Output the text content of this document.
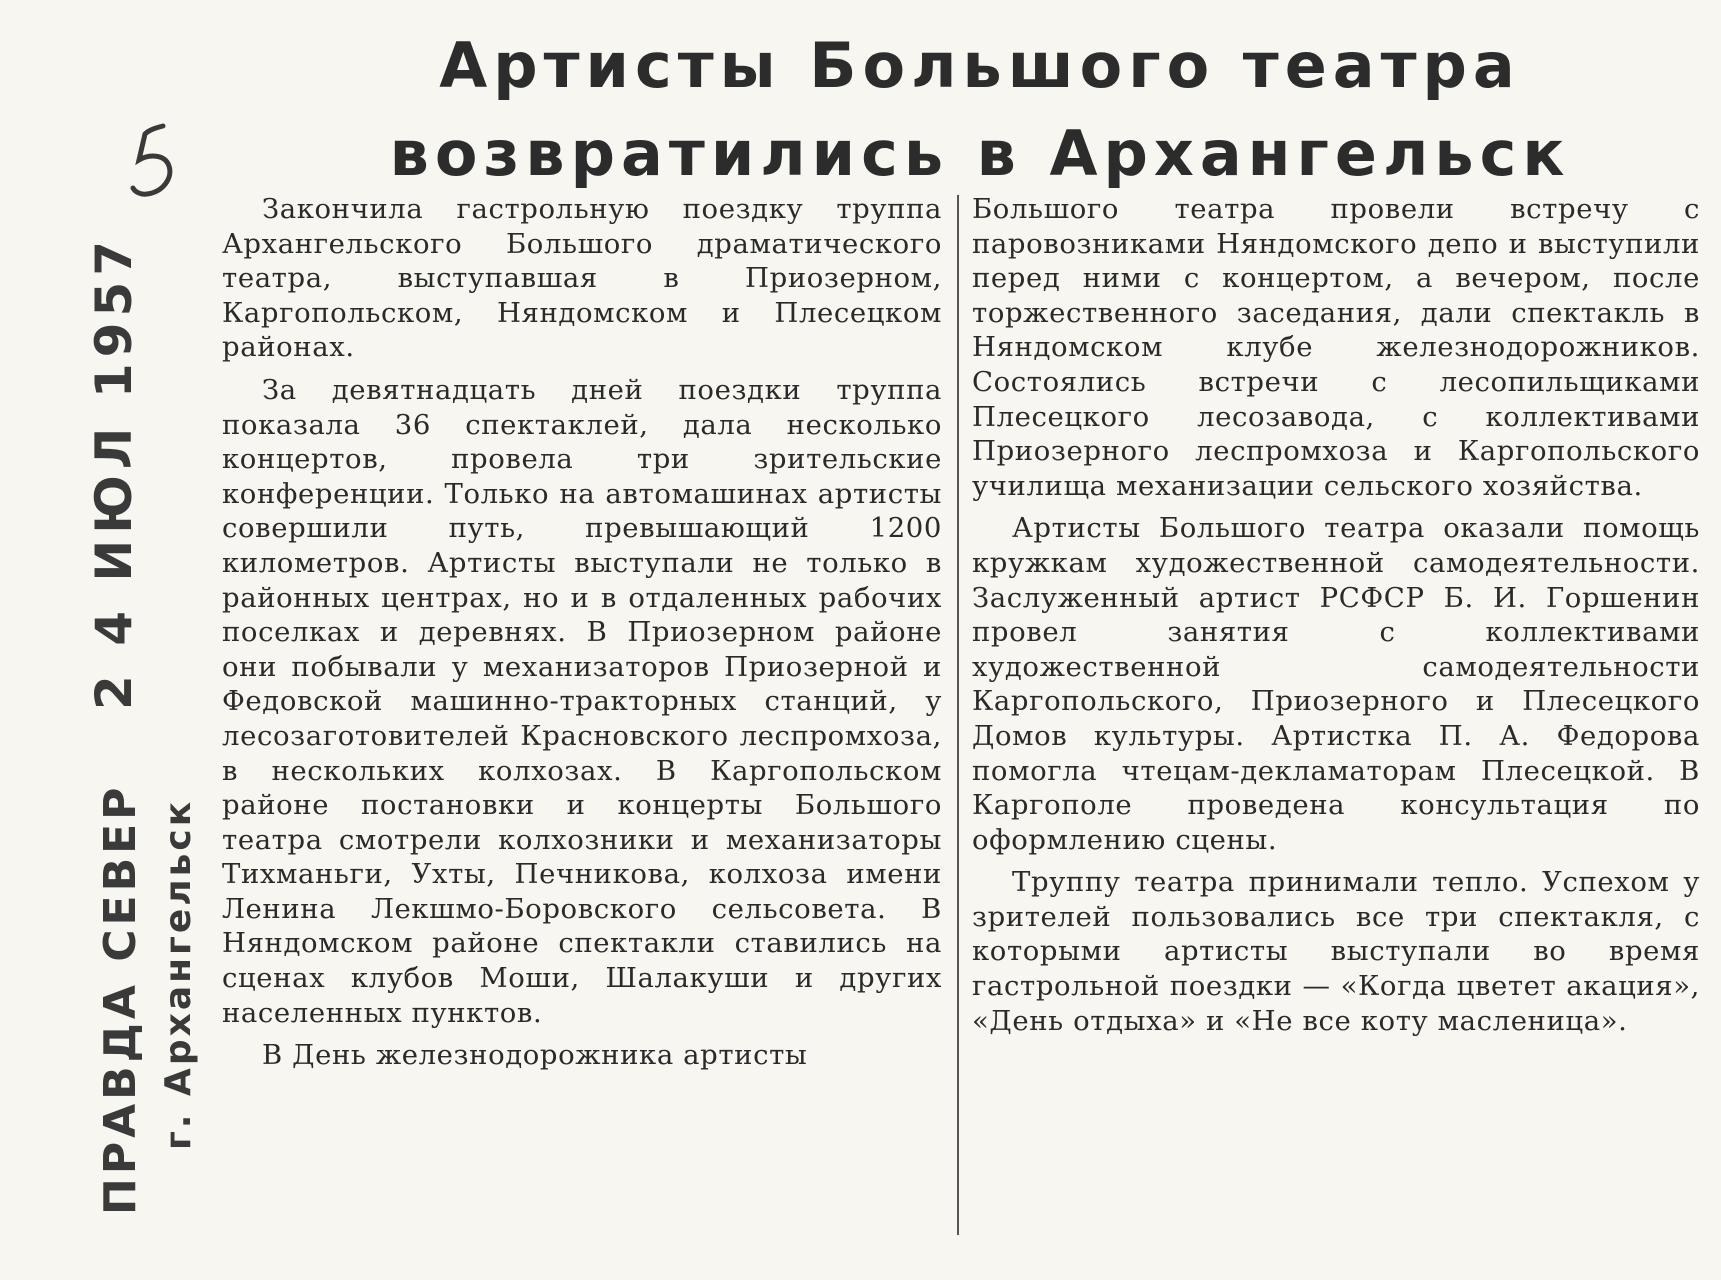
Артисты Большого театра
возвратились в Архангельск
ПРАВДА СЕВЕР г. Архангельск
2 4 ИЮЛ 1957

Закончила гастрольную поездку труппа Архангельского Большого драматического театра, выступавшая в Приозерном, Каргопольском, Няндомском и Плесецком районах.

За девятнадцать дней поездки труппа показала 36 спектаклей, дала несколько концертов, провела три зрительские конференции. Только на автомашинах артисты совершили путь, превышающий 1200 километров. Артисты выступали не только в районных центрах, но и в отдаленных рабочих поселках и деревнях. В Приозерном районе они побывали у механизаторов Приозерной и Федовской машинно-тракторных станций, у лесозаготовителей Красновского леспромхоза, в нескольких колхозах. В Каргопольском районе постановки и концерты Большого театра смотрели колхозники и механизаторы Тихманьги, Ухты, Печникова, колхоза имени Ленина Лекшмо-Боровского сельсовета. В Няндомском районе спектакли ставились на сценах клубов Моши, Шалакуши и других населенных пунктов.

В День железнодорожника артисты

Большого театра провели встречу с паровозниками Няндомского депо и выступили перед ними с концертом, а вечером, после торжественного заседания, дали спектакль в Няндомском клубе железнодорожников. Состоялись встречи с лесопильщиками Плесецкого лесозавода, с коллективами Приозерного леспромхоза и Каргопольского училища механизации сельского хозяйства.

Артисты Большого театра оказали помощь кружкам художественной самодеятельности. Заслуженный артист РСФСР Б. И. Горшенин провел занятия с коллективами художественной самодеятельности Каргопольского, Приозерного и Плесецкого Домов культуры. Артистка П. А. Федорова помогла чтецам-декламаторам Плесецкой. В Каргополе проведена консультация по оформлению сцены.

Труппу театра принимали тепло. Успехом у зрителей пользовались все три спектакля, с которыми артисты выступали во время гастрольной поездки — «Когда цветет акация», «День отдыха» и «Не все коту масленица».
